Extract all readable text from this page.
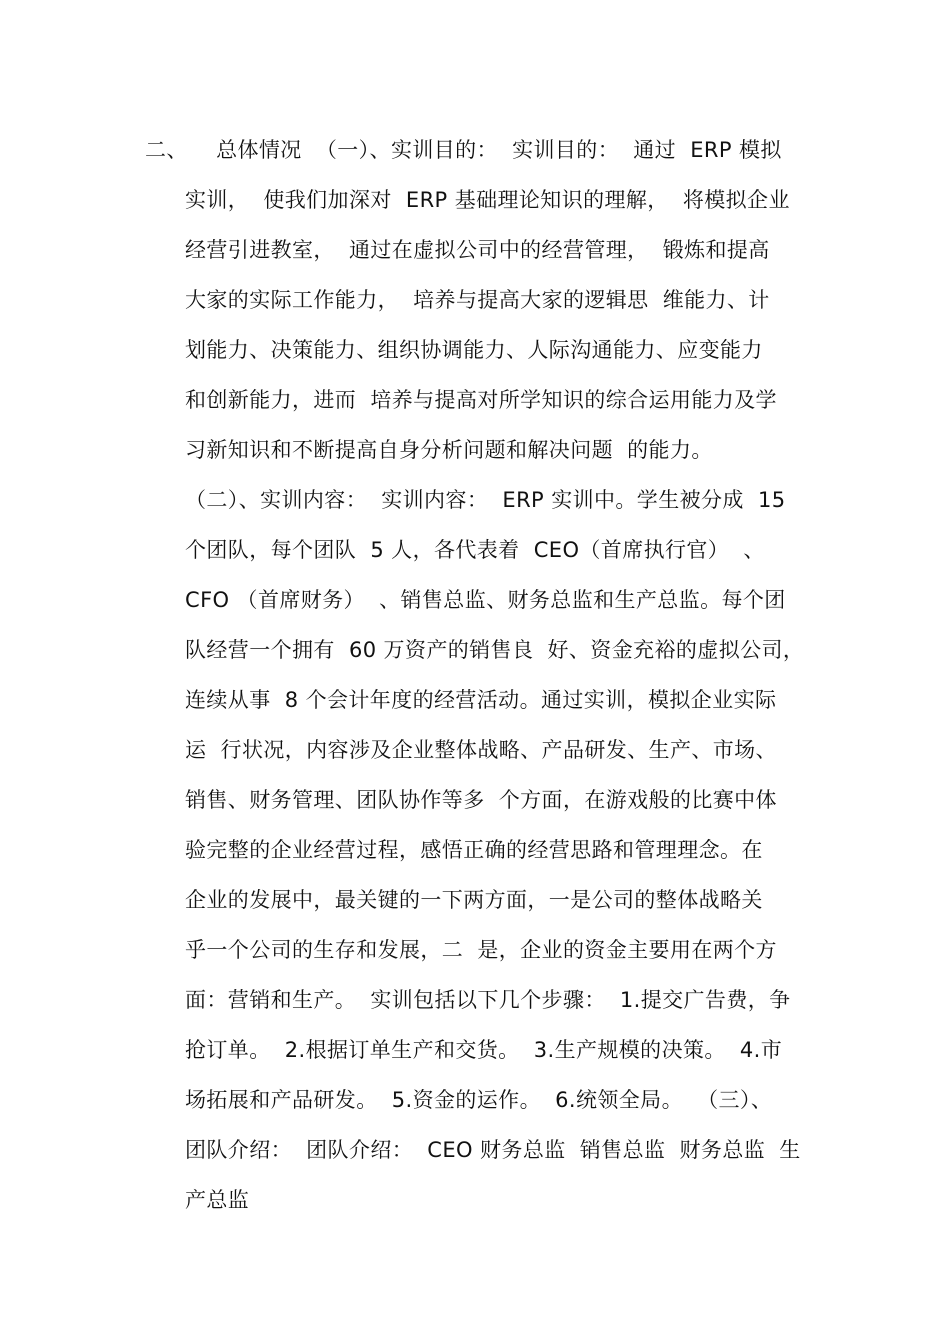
二、    总体情况  （一）、实训目的：  实训目的：  通过  ERP 模拟
实训，  使我们加深对  ERP 基础理论知识的理解，  将模拟企业
经营引进教室，  通过在虚拟公司中的经营管理，  锻炼和提高
大家的实际工作能力，  培养与提高大家的逻辑思  维能力、计
划能力、决策能力、组织协调能力、人际沟通能力、应变能力
和创新能力，进而  培养与提高对所学知识的综合运用能力及学
习新知识和不断提高自身分析问题和解决问题  的能力。
（二）、实训内容：  实训内容：  ERP 实训中。学生被分成  15
个团队，每个团队  5 人，各代表着  CEO（首席执行官）  、
CFO （首席财务）  、销售总监、财务总监和生产总监。每个团
队经营一个拥有  60 万资产的销售良  好、资金充裕的虚拟公司，
连续从事  8 个会计年度的经营活动。通过实训，模拟企业实际
运  行状况，内容涉及企业整体战略、产品研发、生产、市场、
销售、财务管理、团队协作等多  个方面，在游戏般的比赛中体
验完整的企业经营过程，感悟正确的经营思路和管理理念。在
企业的发展中，最关键的一下两方面，一是公司的整体战略关
乎一个公司的生存和发展，二  是，企业的资金主要用在两个方
面：营销和生产。  实训包括以下几个步骤：  1.提交广告费，争
抢订单。  2.根据订单生产和交货。  3.生产规模的决策。  4.市
场拓展和产品研发。  5.资金的运作。  6.统领全局。  （三）、
团队介绍：  团队介绍：  CEO 财务总监  销售总监  财务总监  生
产总监
